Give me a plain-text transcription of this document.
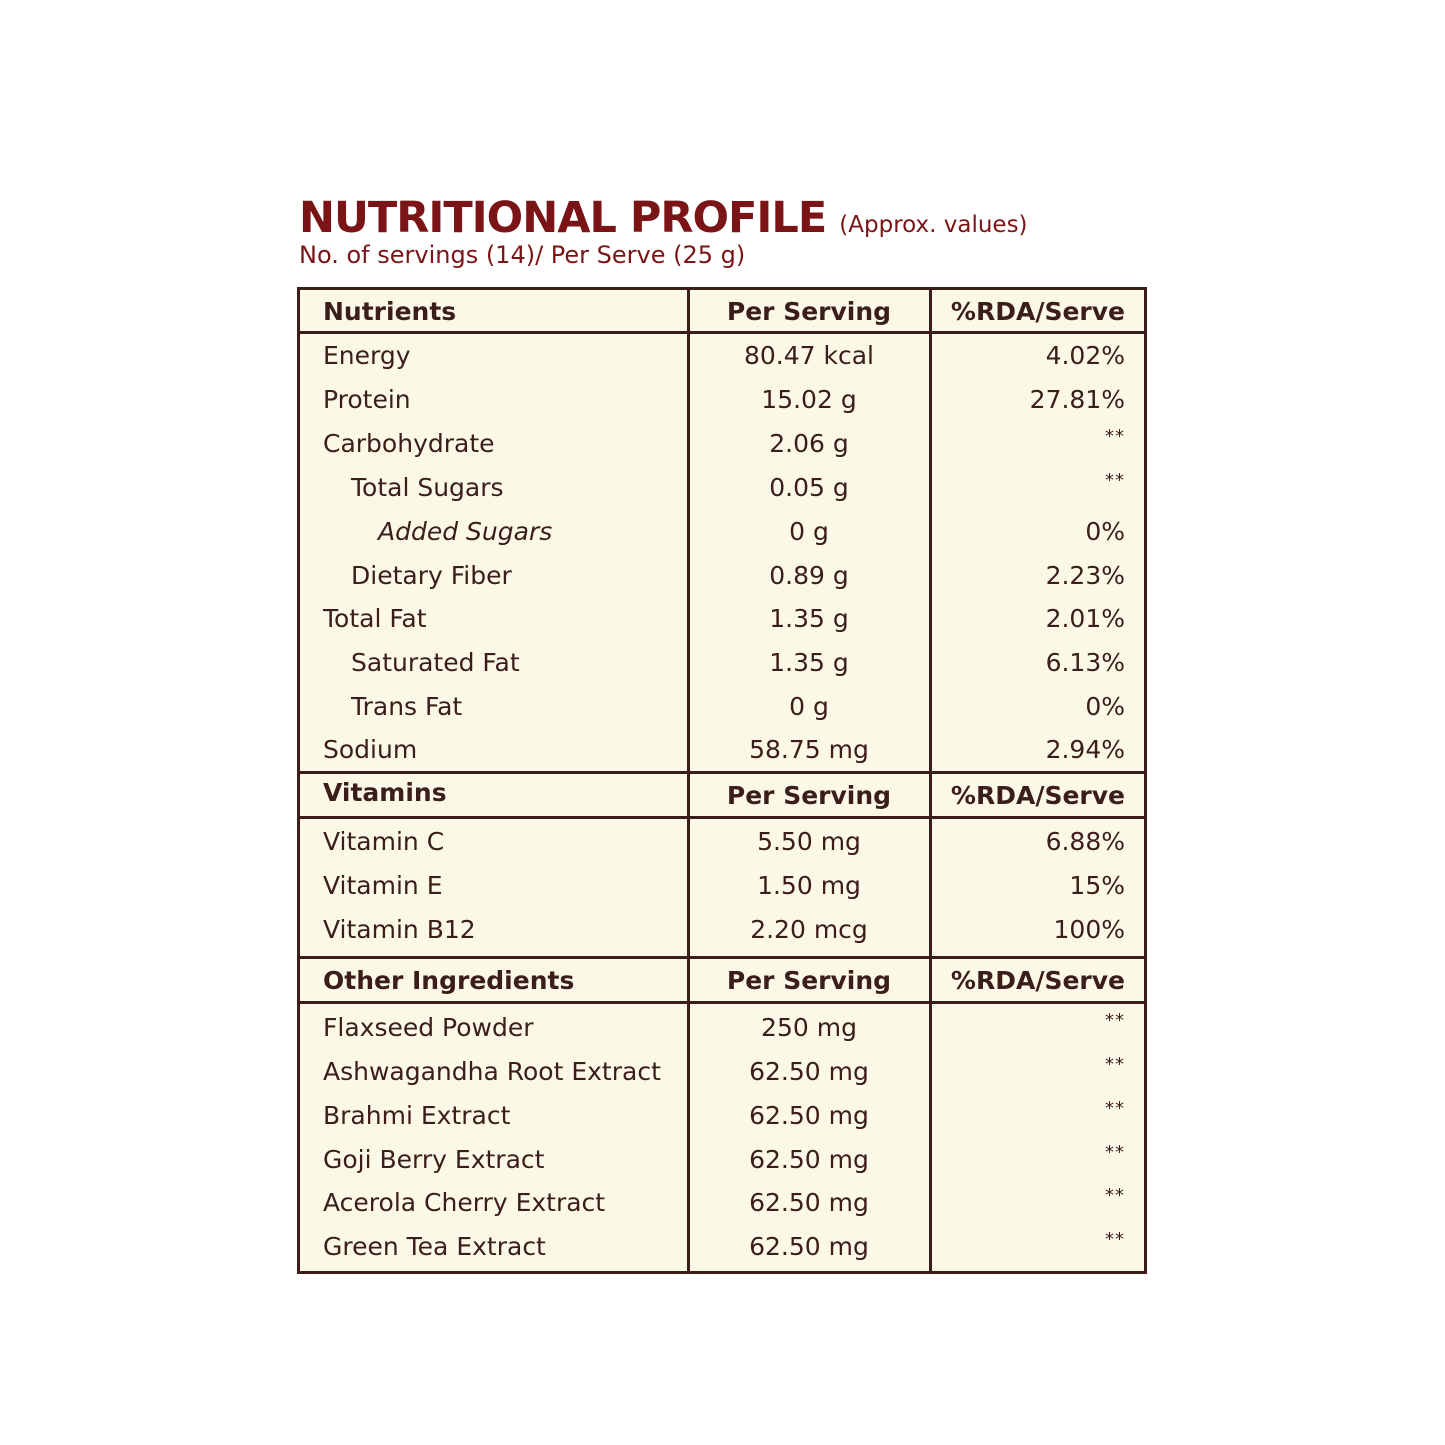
NUTRITIONAL PROFILE (Approx. values)
No. of servings (14)/ Per Serve (25 g)
Nutrients	Per Serving	%RDA/Serve
Energy	80.47 kcal	4.02%
Protein	15.02 g	27.81%
Carbohydrate	2.06 g	**
Total Sugars	0.05 g	**
Added Sugars	0 g	0%
Dietary Fiber	0.89 g	2.23%
Total Fat	1.35 g	2.01%
Saturated Fat	1.35 g	6.13%
Trans Fat	0 g	0%
Sodium	58.75 mg	2.94%
Vitamins	Per Serving	%RDA/Serve
Vitamin C	5.50 mg	6.88%
Vitamin E	1.50 mg	15%
Vitamin B12	2.20 mcg	100%
Other Ingredients	Per Serving	%RDA/Serve
Flaxseed Powder	250 mg	**
Ashwagandha Root Extract	62.50 mg	**
Brahmi Extract	62.50 mg	**
Goji Berry Extract	62.50 mg	**
Acerola Cherry Extract	62.50 mg	**
Green Tea Extract	62.50 mg	**
